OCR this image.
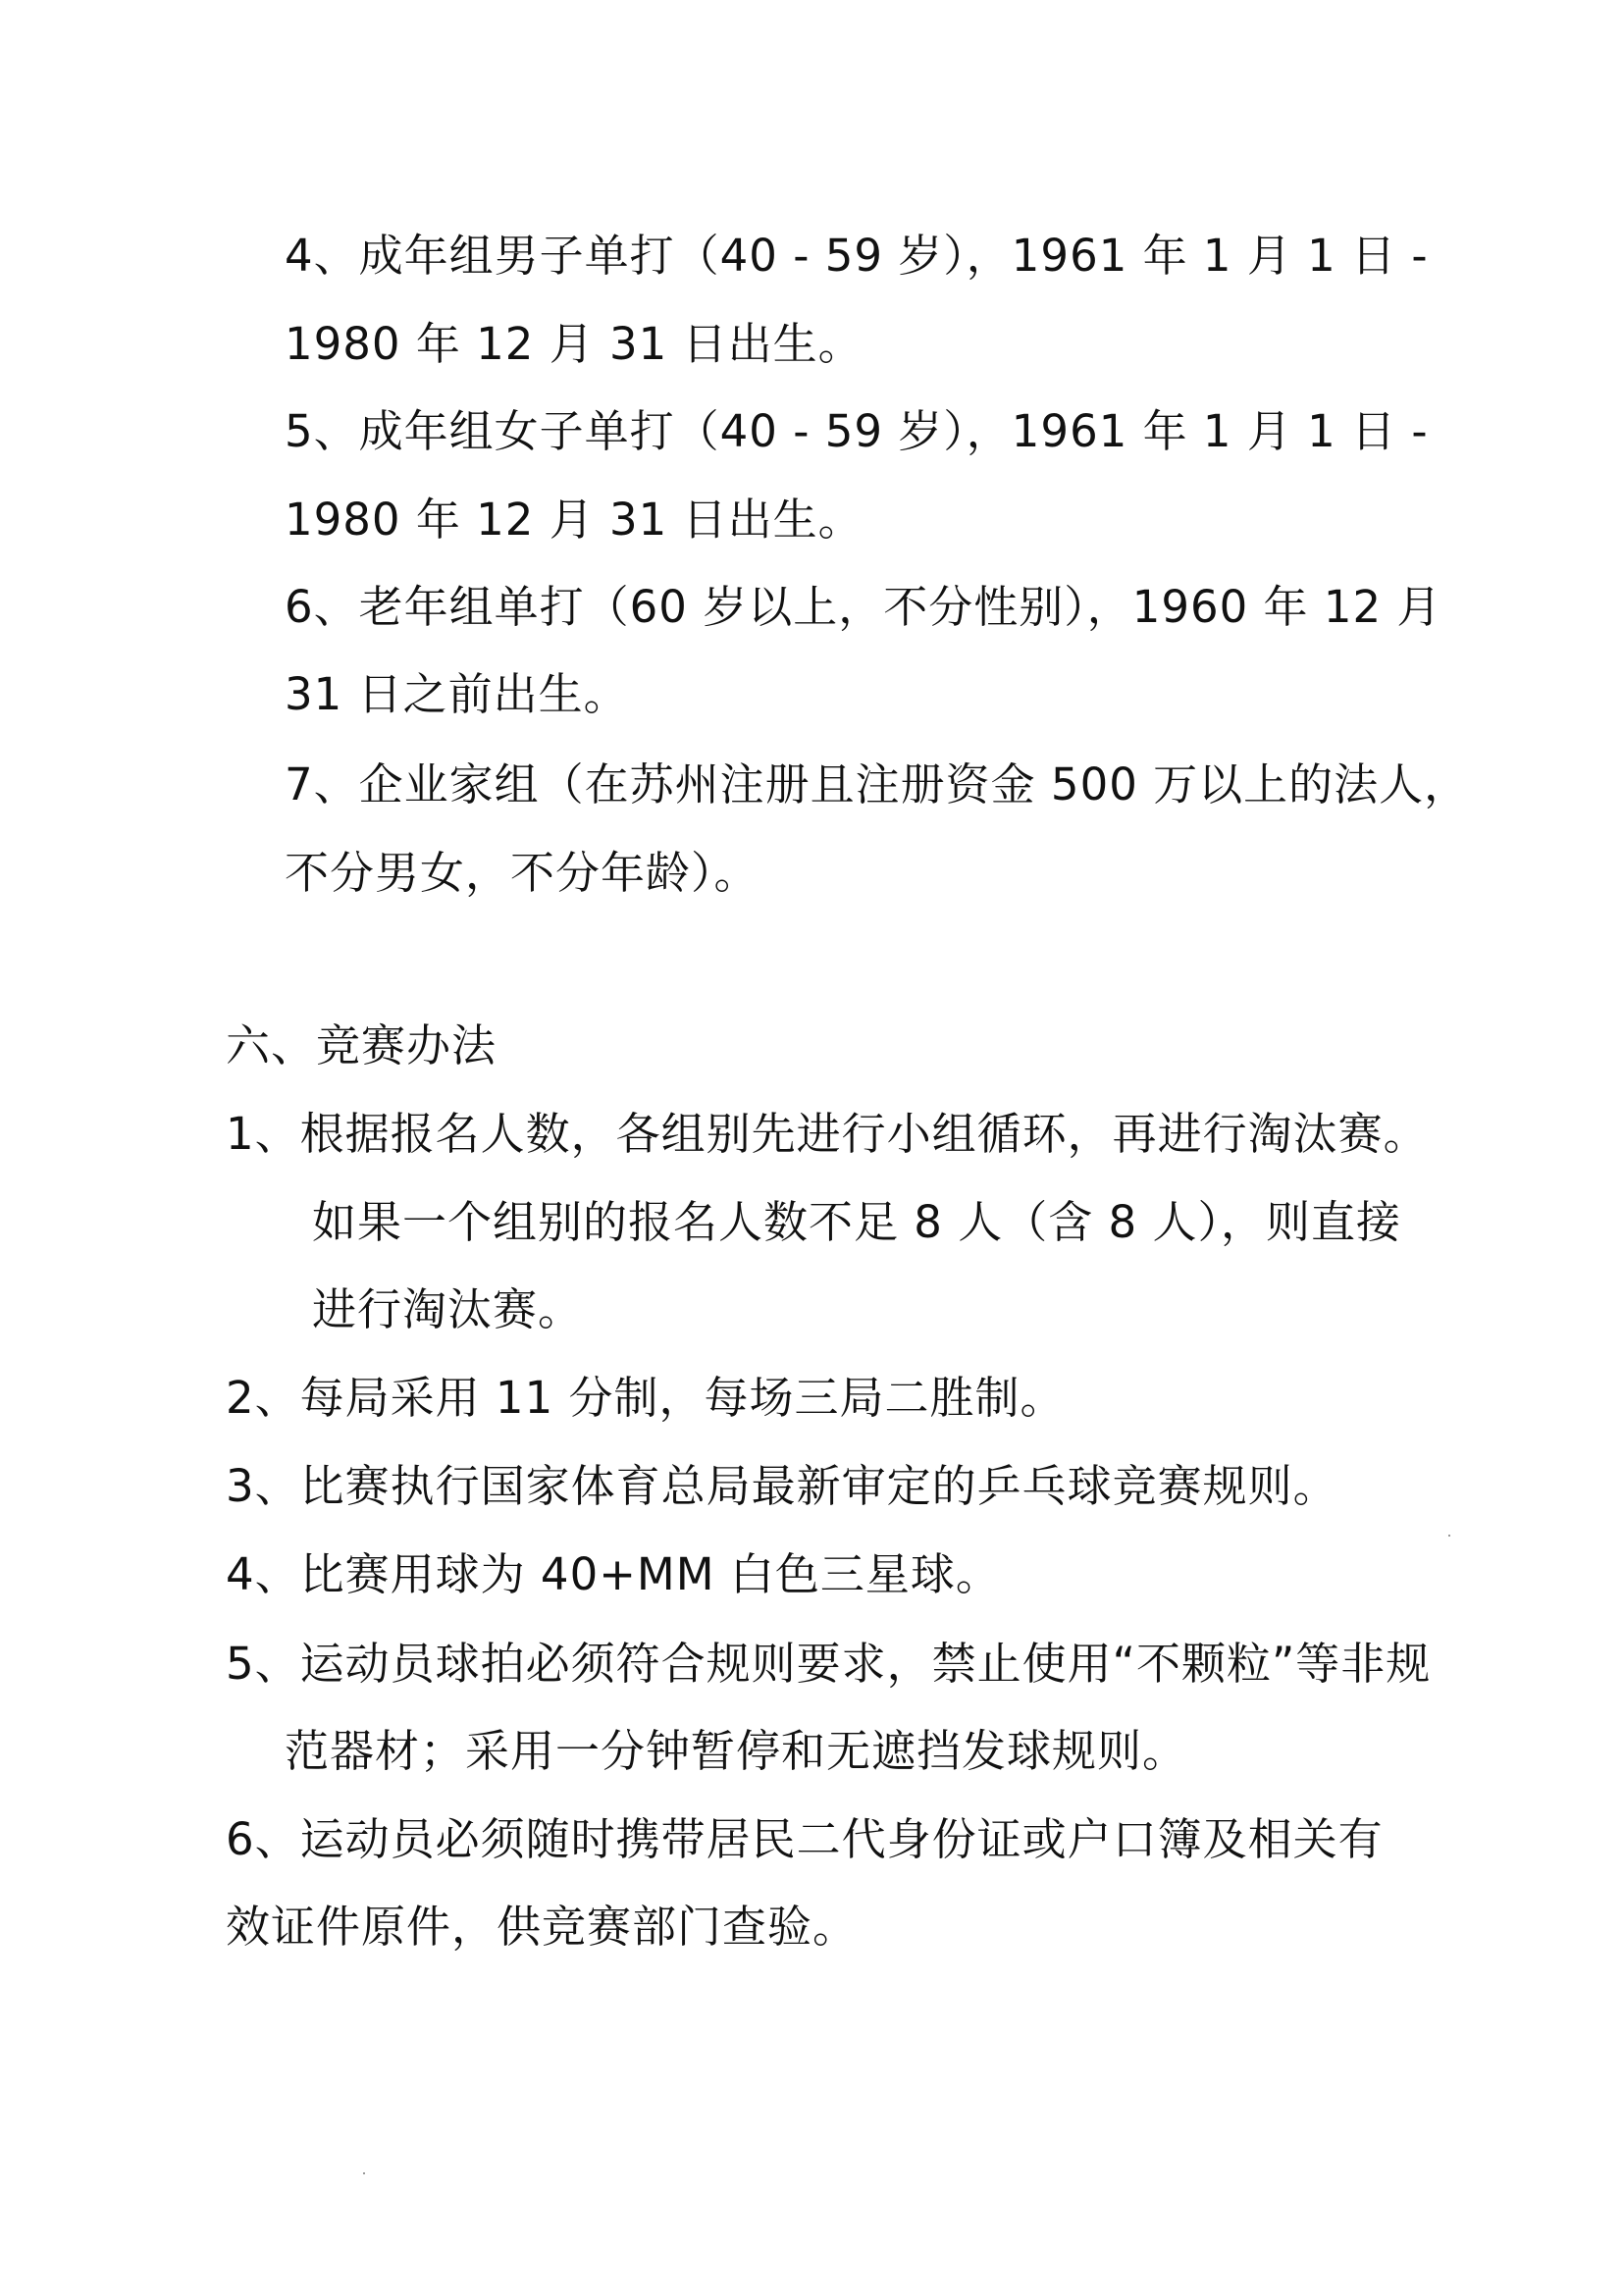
4、成年组男子单打（40 - 59 岁），1961 年 1 月 1 日 -
1980 年 12 月 31 日出生。
5、成年组女子单打（40 - 59 岁），1961 年 1 月 1 日 -
1980 年 12 月 31 日出生。
6、老年组单打（60 岁以上，不分性别），1960 年 12 月
31 日之前出生。
7、企业家组（在苏州注册且注册资金 500 万以上的法人，
不分男女，不分年龄）。
六、竞赛办法
1、根据报名人数，各组别先进行小组循环，再进行淘汰赛。
如果一个组别的报名人数不足 8 人（含 8 人），则直接
进行淘汰赛。
2、每局采用 11 分制，每场三局二胜制。
3、比赛执行国家体育总局最新审定的乒乓球竞赛规则。
4、比赛用球为 40+MM 白色三星球。
5、运动员球拍必须符合规则要求，禁止使用“不颗粒”等非规
范器材；采用一分钟暂停和无遮挡发球规则。
6、运动员必须随时携带居民二代身份证或户口簿及相关有
效证件原件，供竞赛部门查验。
